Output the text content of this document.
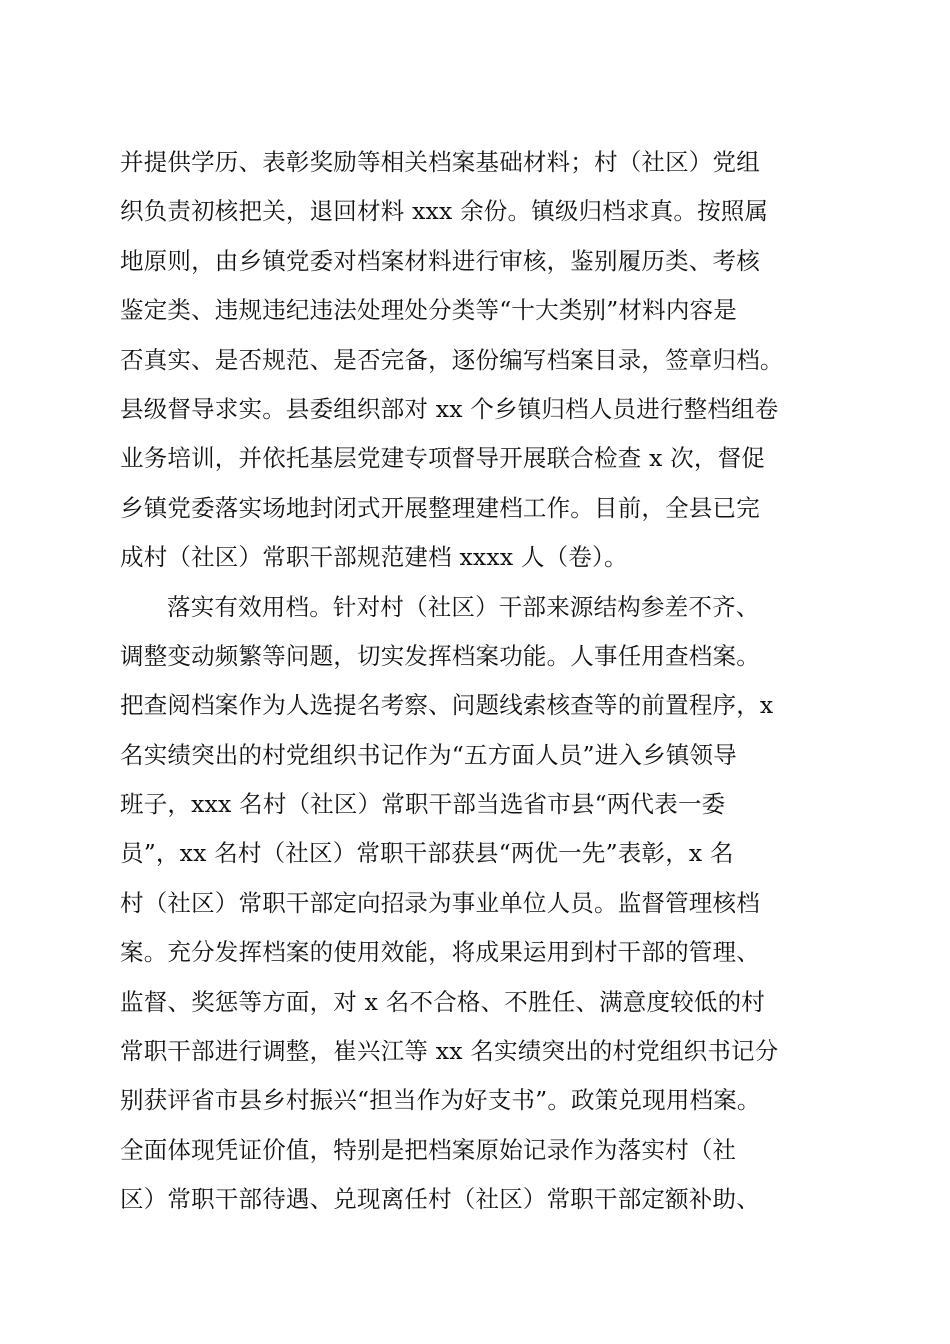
并提供学历、表彰奖励等相关档案基础材料；村（社区）党组
织负责初核把关，退回材料 xxx 余份。镇级归档求真。按照属
地原则，由乡镇党委对档案材料进行审核，鉴别履历类、考核
鉴定类、违规违纪违法处理处分类等“十大类别”材料内容是
否真实、是否规范、是否完备，逐份编写档案目录，签章归档。
县级督导求实。县委组织部对 xx 个乡镇归档人员进行整档组卷
业务培训，并依托基层党建专项督导开展联合检查 x 次，督促
乡镇党委落实场地封闭式开展整理建档工作。目前，全县已完
成村（社区）常职干部规范建档 xxxx 人（卷）。
落实有效用档。针对村（社区）干部来源结构参差不齐、
调整变动频繁等问题，切实发挥档案功能。人事任用查档案。
把查阅档案作为人选提名考察、问题线索核查等的前置程序，x
名实绩突出的村党组织书记作为“五方面人员”进入乡镇领导
班子，xxx 名村（社区）常职干部当选省市县“两代表一委
员”，xx 名村（社区）常职干部获县“两优一先”表彰，x 名
村（社区）常职干部定向招录为事业单位人员。监督管理核档
案。充分发挥档案的使用效能，将成果运用到村干部的管理、
监督、奖惩等方面，对 x 名不合格、不胜任、满意度较低的村
常职干部进行调整，崔兴江等 xx 名实绩突出的村党组织书记分
别获评省市县乡村振兴“担当作为好支书”。政策兑现用档案。
全面体现凭证价值，特别是把档案原始记录作为落实村（社
区）常职干部待遇、兑现离任村（社区）常职干部定额补助、
